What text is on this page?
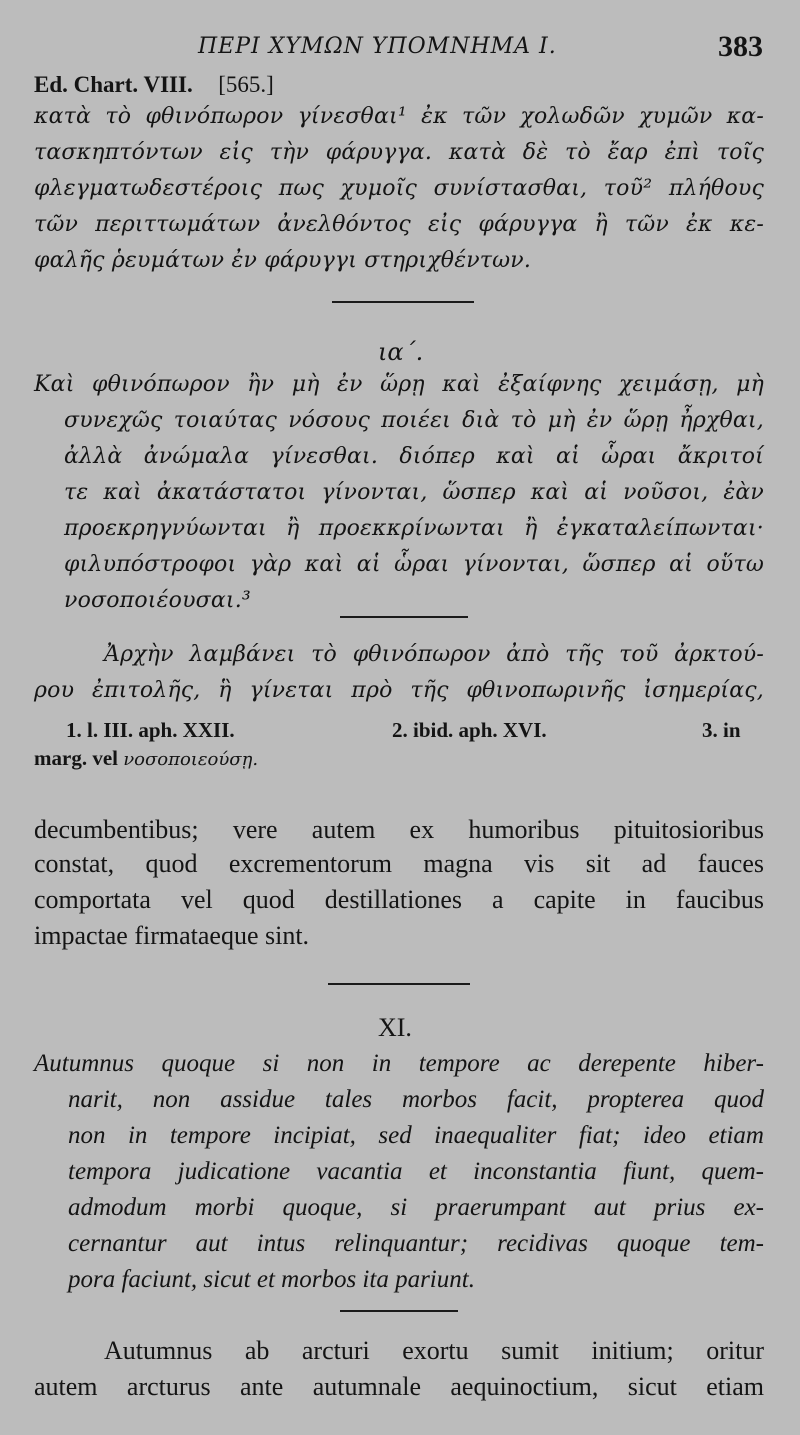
ΠΕΡΙ ΧΥΜΩΝ ΥΠΟΜΝΗΜΑ Ι.	383
Ed. Chart. VIII. [565.]
κατὰ τὸ φθινόπωρον γίνεσθαι¹ ἐκ τῶν χολωδῶν χυμῶν κα-
τασκηπτόντων εἰς τὴν φάρυγγα. κατὰ δὲ τὸ ἔαρ ἐπὶ τοῖς
φλεγματωδεστέροις πως χυμοῖς συνίστασθαι, τοῦ² πλήθους
τῶν περιττωμάτων ἀνελθόντος εἰς φάρυγγα ἢ τῶν ἐκ κε-
φαλῆς ῥευμάτων ἐν φάρυγγι στηριχθέντων.
ια΄.
Καὶ φθινόπωρον ἢν μὴ ἐν ὥρῃ καὶ ἐξαίφνης χειμάσῃ, μὴ
συνεχῶς τοιαύτας νόσους ποιέει διὰ τὸ μὴ ἐν ὥρῃ ἦρχθαι,
ἀλλὰ ἀνώμαλα γίνεσθαι. διόπερ καὶ αἱ ὧραι ἄκριτοί
τε καὶ ἀκατάστατοι γίνονται, ὥσπερ καὶ αἱ νοῦσοι, ἐὰν
προεκρηγνύωνται ἢ προεκκρίνωνται ἢ ἐγκαταλείπωνται·
φιλυπόστροφοι γὰρ καὶ αἱ ὧραι γίνονται, ὥσπερ αἱ οὕτω
νοσοποιέουσαι.³
Ἀρχὴν λαμβάνει τὸ φθινόπωρον ἀπὸ τῆς τοῦ ἀρκτού-
ρου ἐπιτολῆς, ἣ γίνεται πρὸ τῆς φθινοπωρινῆς ἰσημερίας,
1. l. III. aph. XXII.	2. ibid. aph. XVI.	3. in
marg. vel νοσοποιεούσῃ.
decumbentibus; vere autem ex humoribus pituitosioribus
constat, quod excrementorum magna vis sit ad fauces
comportata vel quod destillationes a capite in faucibus
impactae firmataeque sint.
XI.
Autumnus quoque si non in tempore ac derepente hiber-
narit, non assidue tales morbos facit, propterea quod
non in tempore incipiat, sed inaequaliter fiat; ideo etiam
tempora judicatione vacantia et inconstantia fiunt, quem-
admodum morbi quoque, si praerumpant aut prius ex-
cernantur aut intus relinquantur; recidivas quoque tem-
pora faciunt, sicut et morbos ita pariunt.
Autumnus ab arcturi exortu sumit initium; oritur
autem arcturus ante autumnale aequinoctium, sicut etiam
